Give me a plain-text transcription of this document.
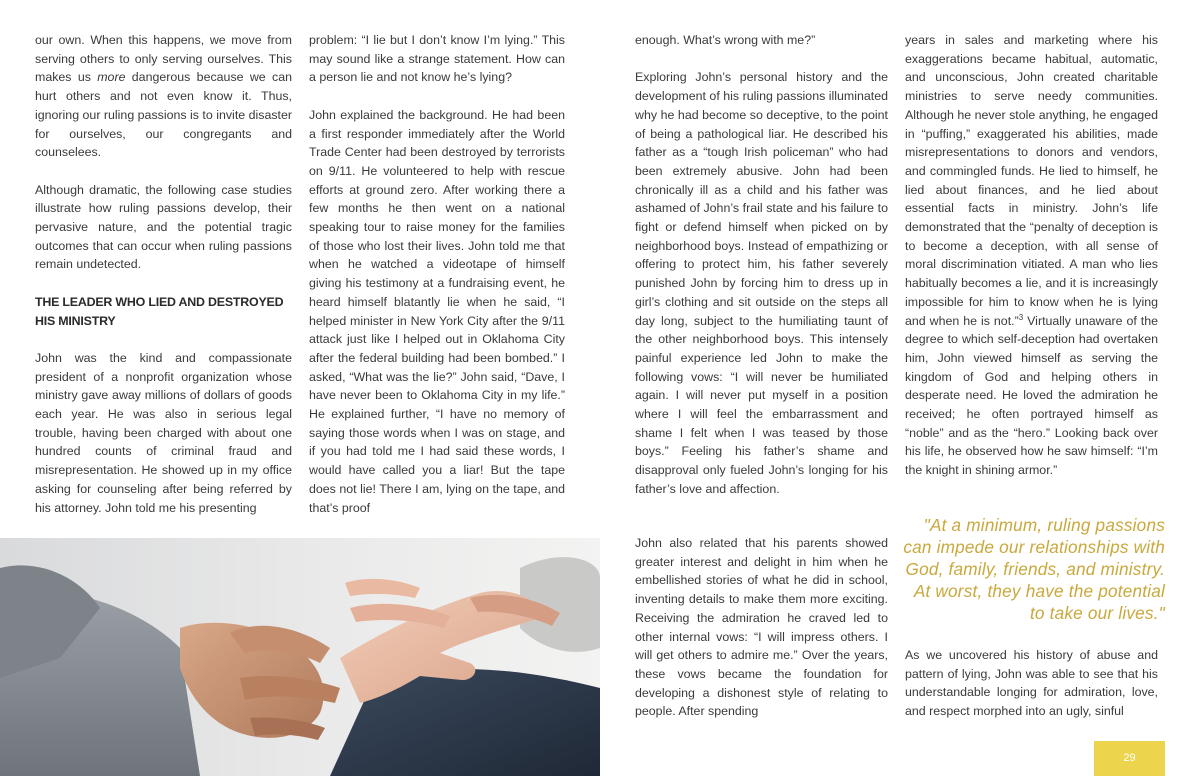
our own. When this happens, we move from serving others to only serving ourselves. This makes us more dangerous because we can hurt others and not even know it. Thus, ignoring our ruling passions is to invite disaster for ourselves, our congregants and counselees.

Although dramatic, the following case studies illustrate how ruling passions develop, their pervasive nature, and the potential tragic outcomes that can occur when ruling passions remain undetected.

THE LEADER WHO LIED AND DESTROYED HIS MINISTRY

John was the kind and compassionate president of a nonprofit organization whose ministry gave away millions of dollars of goods each year. He was also in serious legal trouble, having been charged with about one hundred counts of criminal fraud and misrepresentation. He showed up in my office asking for counseling after being referred by his attorney. John told me his presenting

problem: “I lie but I don’t know I’m lying.” This may sound like a strange statement. How can a person lie and not know he’s lying?

John explained the background. He had been a first responder immediately after the World Trade Center had been destroyed by terrorists on 9/11. He volunteered to help with rescue efforts at ground zero. After working there a few months he then went on a national speaking tour to raise money for the families of those who lost their lives. John told me that when he watched a videotape of himself giving his testimony at a fundraising event, he heard himself blatantly lie when he said, “I helped minister in New York City after the 9/11 attack just like I helped out in Oklahoma City after the federal building had been bombed.” I asked, “What was the lie?” John said, “Dave, I have never been to Oklahoma City in my life.” He explained further, “I have no memory of saying those words when I was on stage, and if you had told me I had said these words, I would have called you a liar! But the tape does not lie! There I am, lying on the tape, and that’s proof

enough. What’s wrong with me?”

Exploring John’s personal history and the development of his ruling passions illuminated why he had become so deceptive, to the point of being a pathological liar. He described his father as a “tough Irish policeman” who had been extremely abusive. John had been chronically ill as a child and his father was ashamed of John’s frail state and his failure to fight or defend himself when picked on by neighborhood boys. Instead of empathizing or offering to protect him, his father severely punished John by forcing him to dress up in girl’s clothing and sit outside on the steps all day long, subject to the humiliating taunt of the other neighborhood boys. This intensely painful experience led John to make the following vows: “I will never be humiliated again. I will never put myself in a position where I will feel the embarrassment and shame I felt when I was teased by those boys.” Feeling his father’s shame and disapproval only fueled John’s longing for his father’s love and affection.

John also related that his parents showed greater interest and delight in him when he embellished stories of what he did in school, inventing details to make them more exciting. Receiving the admiration he craved led to other internal vows: “I will impress others. I will get others to admire me.” Over the years, these vows became the foundation for developing a dishonest style of relating to people. After spending

years in sales and marketing where his exaggerations became habitual, automatic, and unconscious, John created charitable ministries to serve needy communities. Although he never stole anything, he engaged in “puffing,” exaggerated his abilities, made misrepresentations to donors and vendors, and commingled funds. He lied to himself, he lied about finances, and he lied about essential facts in ministry. John’s life demonstrated that the “penalty of deception is to become a deception, with all sense of moral discrimination vitiated. A man who lies habitually becomes a lie, and it is increasingly impossible for him to know when he is lying and when he is not.”$^3$ Virtually unaware of the degree to which self-deception had overtaken him, John viewed himself as serving the kingdom of God and helping others in desperate need. He loved the admiration he received; he often portrayed himself as “noble” and as the “hero.” Looking back over his life, he observed how he saw himself: “I’m the knight in shining armor.”

"At a minimum, ruling passions can impede our relationships with God, family, friends, and ministry. At worst, they have the potential to take our lives."

As we uncovered his history of abuse and pattern of lying, John was able to see that his understandable longing for admiration, love, and respect morphed into an ugly, sinful

29
